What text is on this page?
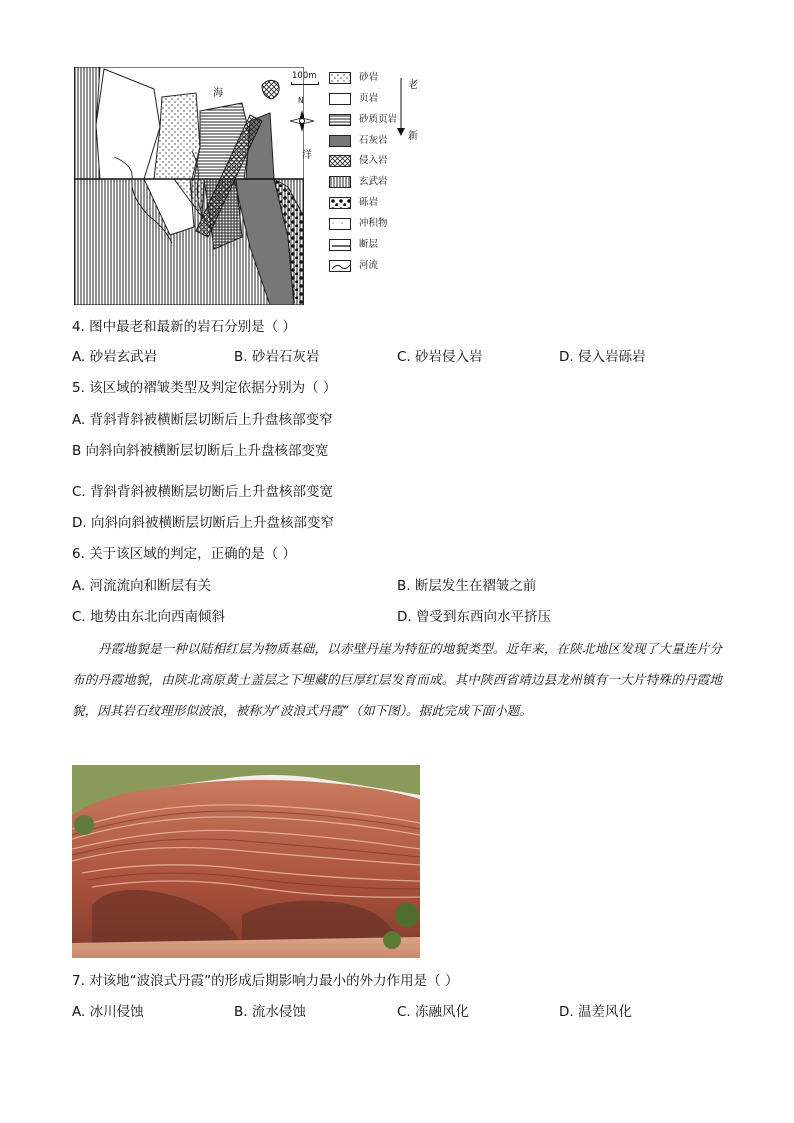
海
洋
100m
N
砂岩
页岩
砂质页岩
石灰岩
侵入岩
玄武岩
砾岩
冲积物
断层
河流
老
新
4. 图中最老和最新的岩石分别是（ ）
A. 砂岩玄武岩	B. 砂岩石灰岩	C. 砂岩侵入岩	D. 侵入岩砾岩
5. 该区域的褶皱类型及判定依据分别为（ ）
A. 背斜背斜被横断层切断后上升盘核部变窄
B 向斜向斜被横断层切断后上升盘核部变宽
C. 背斜背斜被横断层切断后上升盘核部变宽
D. 向斜向斜被横断层切断后上升盘核部变窄
6. 关于该区域的判定，正确的是（ ）
A. 河流流向和断层有关	B. 断层发生在褶皱之前
C. 地势由东北向西南倾斜	D. 曾受到东西向水平挤压
丹霞地貌是一种以陆相红层为物质基础，以赤壁丹崖为特征的地貌类型。近年来，在陕北地区发现了大量连片分布的丹霞地貌，由陕北高原黄土盖层之下埋藏的巨厚红层发育而成。其中陕西省靖边县龙州镇有一大片特殊的丹霞地貌，因其岩石纹理形似波浪，被称为“波浪式丹霞”（如下图）。据此完成下面小题。
7. 对该地“波浪式丹霞”的形成后期影响力最小的外力作用是（ ）
A. 冰川侵蚀	B. 流水侵蚀	C. 冻融风化	D. 温差风化
